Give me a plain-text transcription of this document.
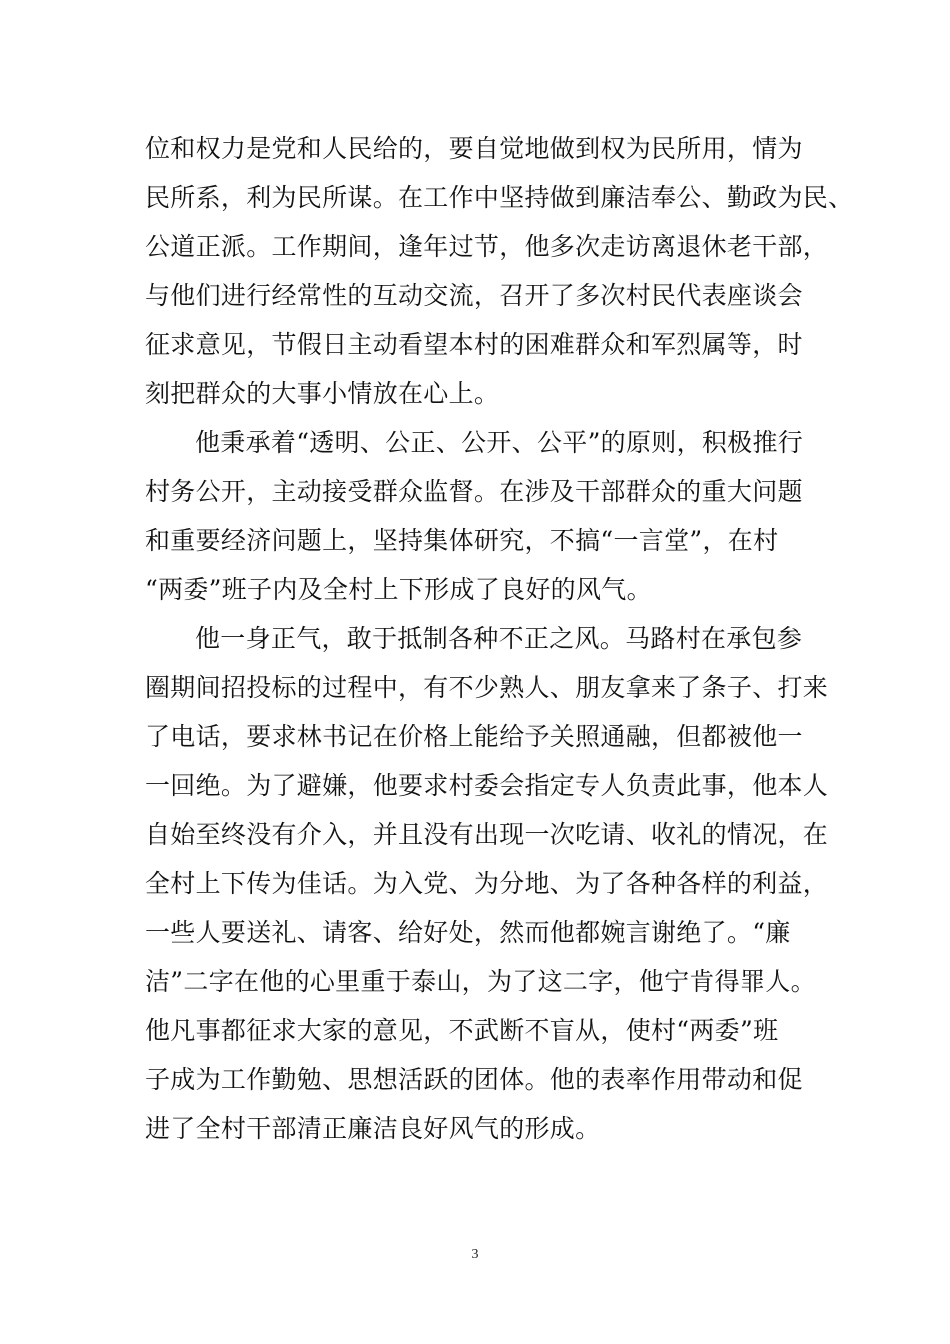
位和权力是党和人民给的，要自觉地做到权为民所用，情为
民所系，利为民所谋。在工作中坚持做到廉洁奉公、勤政为民、
公道正派。工作期间，逢年过节，他多次走访离退休老干部，
与他们进行经常性的互动交流，召开了多次村民代表座谈会
征求意见，节假日主动看望本村的困难群众和军烈属等，时
刻把群众的大事小情放在心上。
他秉承着“透明、公正、公开、公平”的原则，积极推行
村务公开，主动接受群众监督。在涉及干部群众的重大问题
和重要经济问题上，坚持集体研究，不搞“一言堂”，在村
“两委”班子内及全村上下形成了良好的风气。
他一身正气，敢于抵制各种不正之风。马路村在承包参
圈期间招投标的过程中，有不少熟人、朋友拿来了条子、打来
了电话，要求林书记在价格上能给予关照通融，但都被他一
一回绝。为了避嫌，他要求村委会指定专人负责此事，他本人
自始至终没有介入，并且没有出现一次吃请、收礼的情况，在
全村上下传为佳话。为入党、为分地、为了各种各样的利益，
一些人要送礼、请客、给好处，然而他都婉言谢绝了。“廉
洁”二字在他的心里重于泰山，为了这二字，他宁肯得罪人。
他凡事都征求大家的意见，不武断不盲从，使村“两委”班
子成为工作勤勉、思想活跃的团体。他的表率作用带动和促
进了全村干部清正廉洁良好风气的形成。
3
